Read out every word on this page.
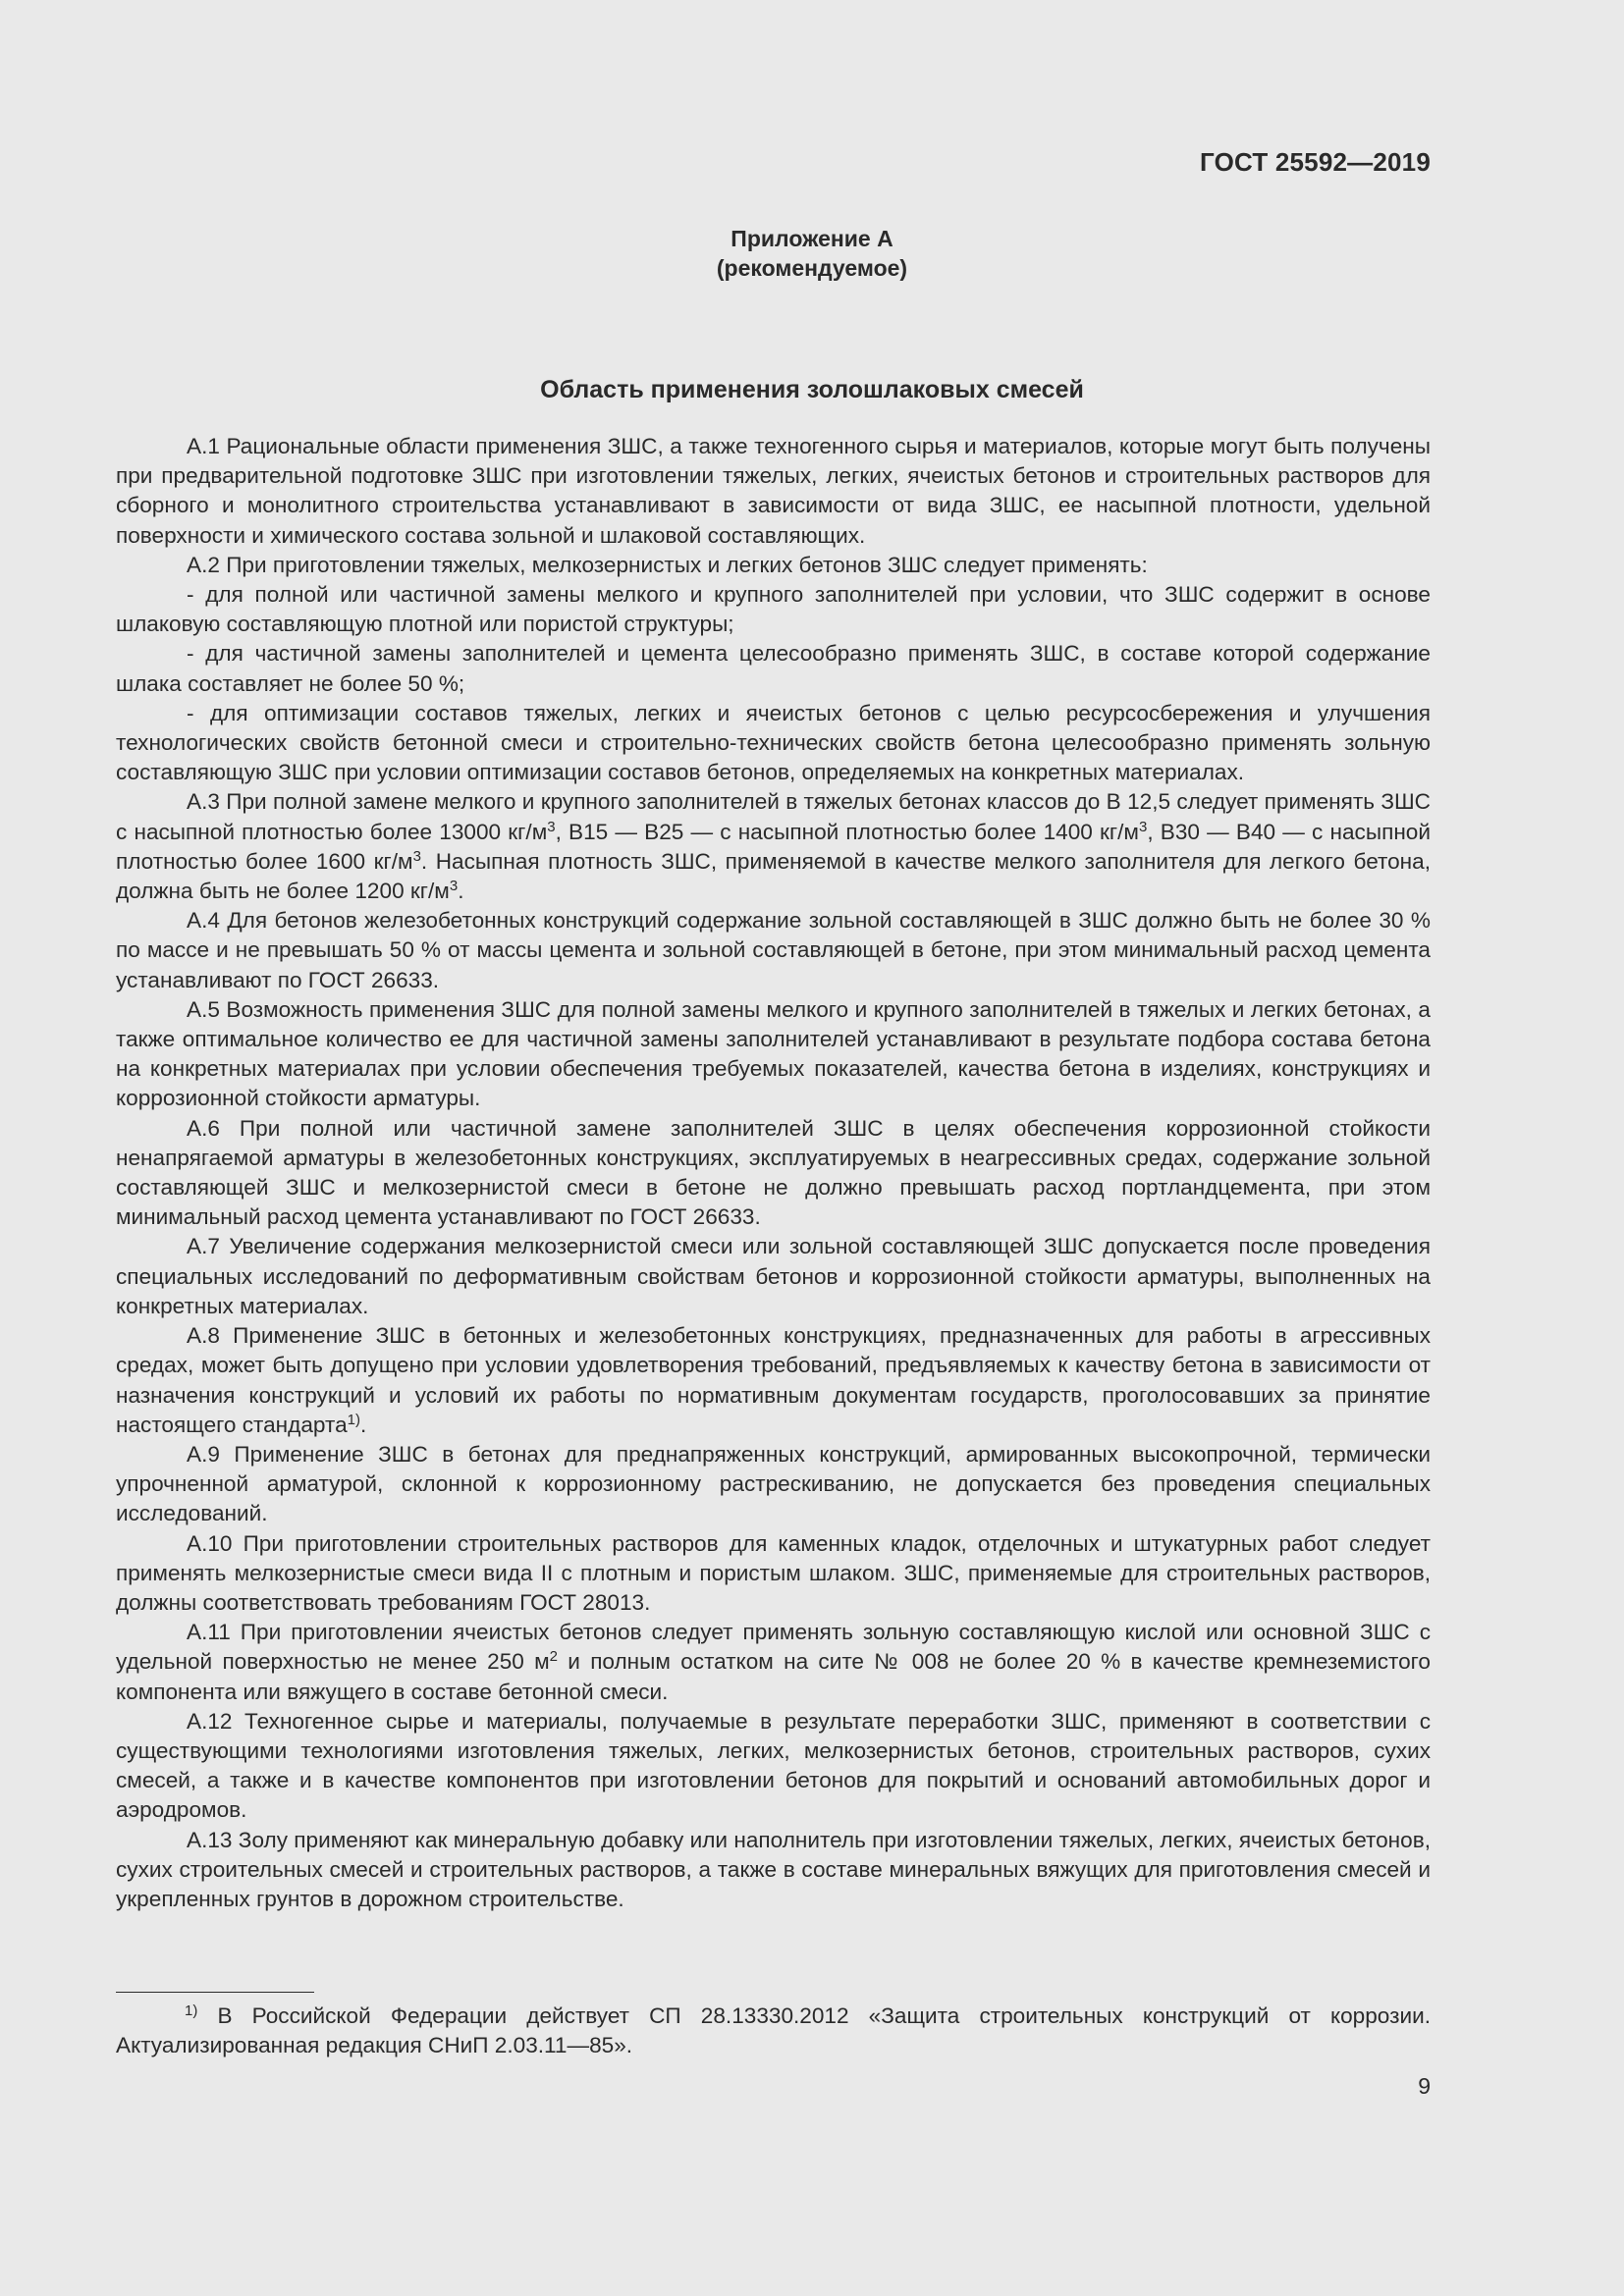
ГОСТ 25592—2019
Приложение А
(рекомендуемое)
Область применения золошлаковых смесей

А.1 Рациональные области применения ЗШС, а также техногенного сырья и материалов, которые могут быть получены при предварительной подготовке ЗШС при изготовлении тяжелых, легких, ячеистых бетонов и строительных растворов для сборного и монолитного строительства устанавливают в зависимости от вида ЗШС, ее насыпной плотности, удельной поверхности и химического состава зольной и шлаковой составляющих.

А.2 При приготовлении тяжелых, мелкозернистых и легких бетонов ЗШС следует применять:

- для полной или частичной замены мелкого и крупного заполнителей при условии, что ЗШС содержит в основе шлаковую составляющую плотной или пористой структуры;

- для частичной замены заполнителей и цемента целесообразно применять ЗШС, в составе которой содержание шлака составляет не более 50 %;

- для оптимизации составов тяжелых, легких и ячеистых бетонов с целью ресурсосбережения и улучшения технологических свойств бетонной смеси и строительно-технических свойств бетона целесообразно применять зольную составляющую ЗШС при условии оптимизации составов бетонов, определяемых на конкретных материалах.

А.3 При полной замене мелкого и крупного заполнителей в тяжелых бетонах классов до В 12,5 следует применять ЗШС с насыпной плотностью более 13000 $кг/м^3$, В15 — В25 — с насыпной плотностью более 1400 $кг/м^3$, В30 — В40 — с насыпной плотностью более 1600 $кг/м^3$. Насыпная плотность ЗШС, применяемой в качестве мелкого заполнителя для легкого бетона, должна быть не более 1200 $кг/м^3$.

А.4 Для бетонов железобетонных конструкций содержание зольной составляющей в ЗШС должно быть не более 30 % по массе и не превышать 50 % от массы цемента и зольной составляющей в бетоне, при этом минимальный расход цемента устанавливают по ГОСТ 26633.

А.5 Возможность применения ЗШС для полной замены мелкого и крупного заполнителей в тяжелых и легких бетонах, а также оптимальное количество ее для частичной замены заполнителей устанавливают в результате подбора состава бетона на конкретных материалах при условии обеспечения требуемых показателей, качества бетона в изделиях, конструкциях и коррозионной стойкости арматуры.

А.6 При полной или частичной замене заполнителей ЗШС в целях обеспечения коррозионной стойкости ненапрягаемой арматуры в железобетонных конструкциях, эксплуатируемых в неагрессивных средах, содержание зольной составляющей ЗШС и мелкозернистой смеси в бетоне не должно превышать расход портландцемента, при этом минимальный расход цемента устанавливают по ГОСТ 26633.

А.7 Увеличение содержания мелкозернистой смеси или зольной составляющей ЗШС допускается после проведения специальных исследований по деформативным свойствам бетонов и коррозионной стойкости арматуры, выполненных на конкретных материалах.

А.8 Применение ЗШС в бетонных и железобетонных конструкциях, предназначенных для работы в агрессивных средах, может быть допущено при условии удовлетворения требований, предъявляемых к качеству бетона в зависимости от назначения конструкций и условий их работы по нормативным документам государств, проголосовавших за принятие настоящего стандарта$^{1)}$.

А.9 Применение ЗШС в бетонах для преднапряженных конструкций, армированных высокопрочной, термически упрочненной арматурой, склонной к коррозионному растрескиванию, не допускается без проведения специальных исследований.

А.10 При приготовлении строительных растворов для каменных кладок, отделочных и штукатурных работ следует применять мелкозернистые смеси вида II с плотным и пористым шлаком. ЗШС, применяемые для строительных растворов, должны соответствовать требованиям ГОСТ 28013.

А.11 При приготовлении ячеистых бетонов следует применять зольную составляющую кислой или основной ЗШС с удельной поверхностью не менее 250 $м^2$ и полным остатком на сите № 008 не более 20 % в качестве кремнеземистого компонента или вяжущего в составе бетонной смеси.

А.12 Техногенное сырье и материалы, получаемые в результате переработки ЗШС, применяют в соответствии с существующими технологиями изготовления тяжелых, легких, мелкозернистых бетонов, строительных растворов, сухих смесей, а также и в качестве компонентов при изготовлении бетонов для покрытий и оснований автомобильных дорог и аэродромов.

А.13 Золу применяют как минеральную добавку или наполнитель при изготовлении тяжелых, легких, ячеистых бетонов, сухих строительных смесей и строительных растворов, а также в составе минеральных вяжущих для приготовления смесей и укрепленных грунтов в дорожном строительстве.

$^{1)}$ В Российской Федерации действует СП 28.13330.2012 «Защита строительных конструкций от коррозии. Актуализированная редакция СНиП 2.03.11—85».

9
